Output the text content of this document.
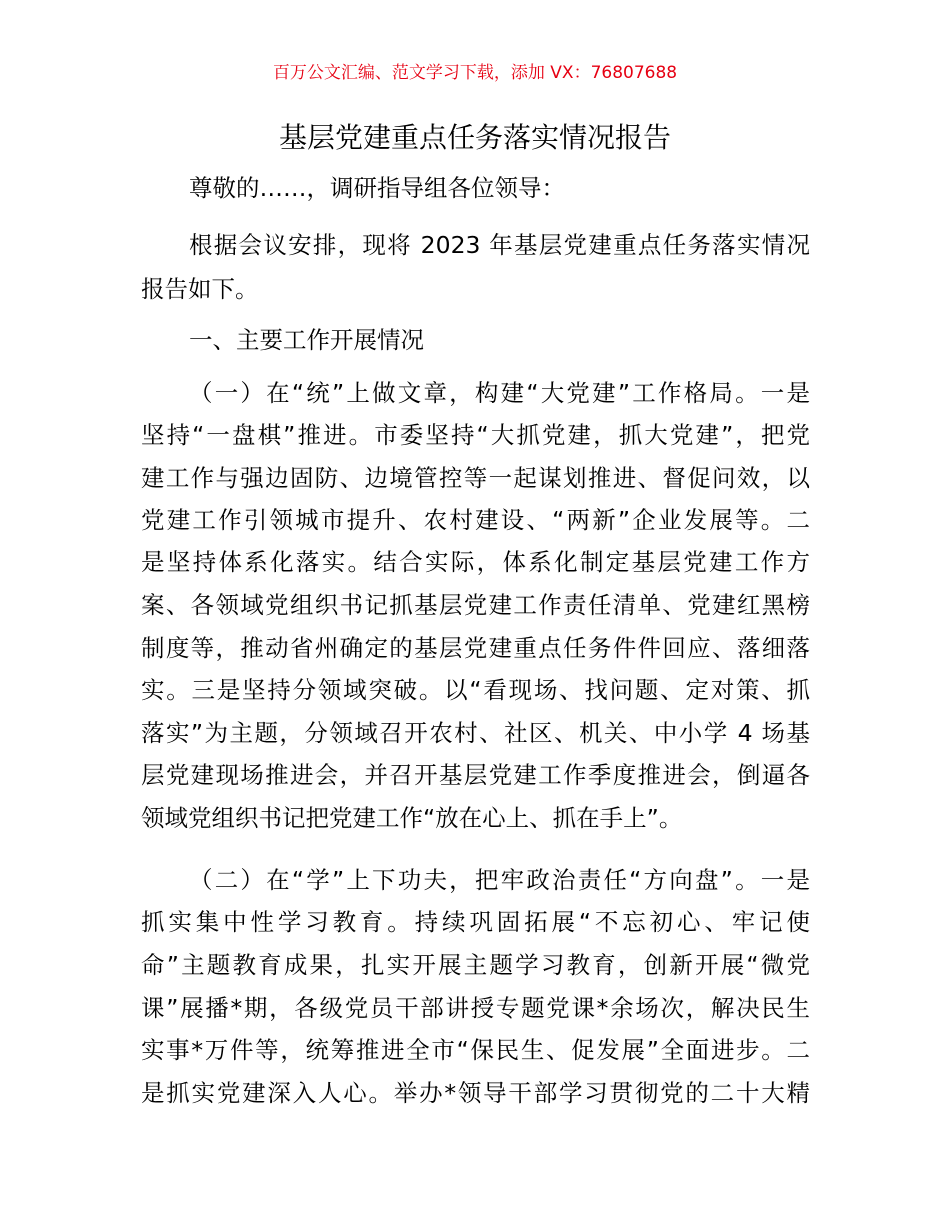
百万公文汇编、范文学习下载，添加 VX：76807688
基层党建重点任务落实情况报告
尊敬的……，调研指导组各位领导：
根据会议安排，现将 2023 年基层党建重点任务落实情况
报告如下。
一、主要工作开展情况
（一）在“统”上做文章，构建“大党建”工作格局。一是
坚持“一盘棋”推进。市委坚持“大抓党建，抓大党建”，把党
建工作与强边固防、边境管控等一起谋划推进、督促问效，以
党建工作引领城市提升、农村建设、“两新”企业发展等。二
是坚持体系化落实。结合实际，体系化制定基层党建工作方
案、各领域党组织书记抓基层党建工作责任清单、党建红黑榜
制度等，推动省州确定的基层党建重点任务件件回应、落细落
实。三是坚持分领域突破。以“看现场、找问题、定对策、抓
落实”为主题，分领域召开农村、社区、机关、中小学 4 场基
层党建现场推进会，并召开基层党建工作季度推进会，倒逼各
领域党组织书记把党建工作“放在心上、抓在手上”。
（二）在“学”上下功夫，把牢政治责任“方向盘”。一是
抓实集中性学习教育。持续巩固拓展“不忘初心、牢记使
命”主题教育成果，扎实开展主题学习教育，创新开展“微党
课”展播*期，各级党员干部讲授专题党课*余场次，解决民生
实事*万件等，统筹推进全市“保民生、促发展”全面进步。二
是抓实党建深入人心。举办*领导干部学习贯彻党的二十大精
